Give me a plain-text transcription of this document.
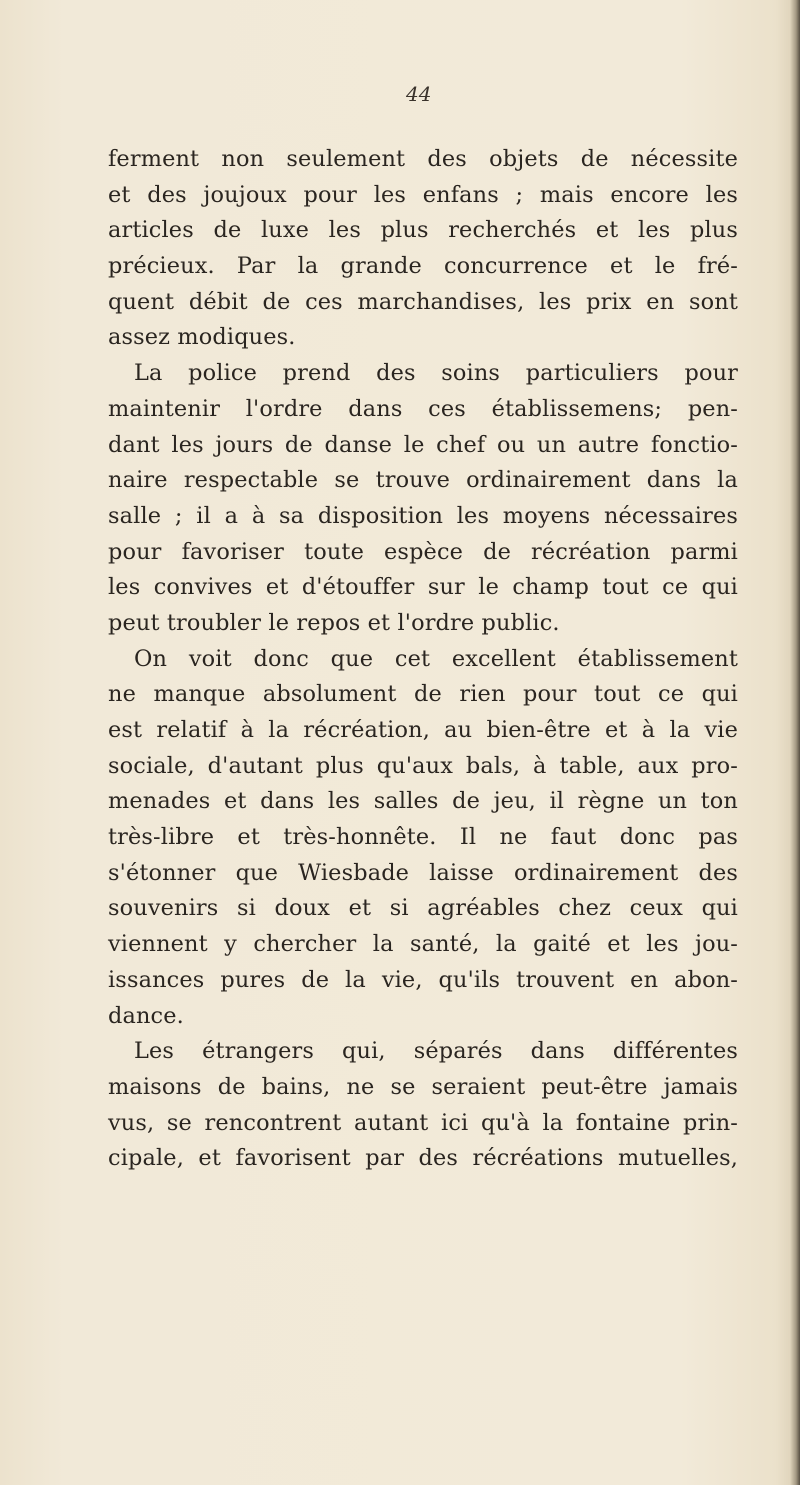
44
ferment non seulement des objets de nécessite
et des joujoux pour les enfans ; mais encore les
articles de luxe les plus recherchés et les plus
précieux. Par la grande concurrence et le fré-
quent débit de ces marchandises, les prix en sont
assez modiques.
La police prend des soins particuliers pour
maintenir l'ordre dans ces établissemens; pen-
dant les jours de danse le chef ou un autre fonctio-
naire respectable se trouve ordinairement dans la
salle ; il a à sa disposition les moyens nécessaires
pour favoriser toute espèce de récréation parmi
les convives et d'étouffer sur le champ tout ce qui
peut troubler le repos et l'ordre public.
On voit donc que cet excellent établissement
ne manque absolument de rien pour tout ce qui
est relatif à la récréation, au bien-être et à la vie
sociale, d'autant plus qu'aux bals, à table, aux pro-
menades et dans les salles de jeu, il règne un ton
très-libre et très-honnête. Il ne faut donc pas
s'étonner que Wiesbade laisse ordinairement des
souvenirs si doux et si agréables chez ceux qui
viennent y chercher la santé, la gaité et les jou-
issances pures de la vie, qu'ils trouvent en abon-
dance.
Les étrangers qui, séparés dans différentes
maisons de bains, ne se seraient peut-être jamais
vus, se rencontrent autant ici qu'à la fontaine prin-
cipale, et favorisent par des récréations mutuelles,
